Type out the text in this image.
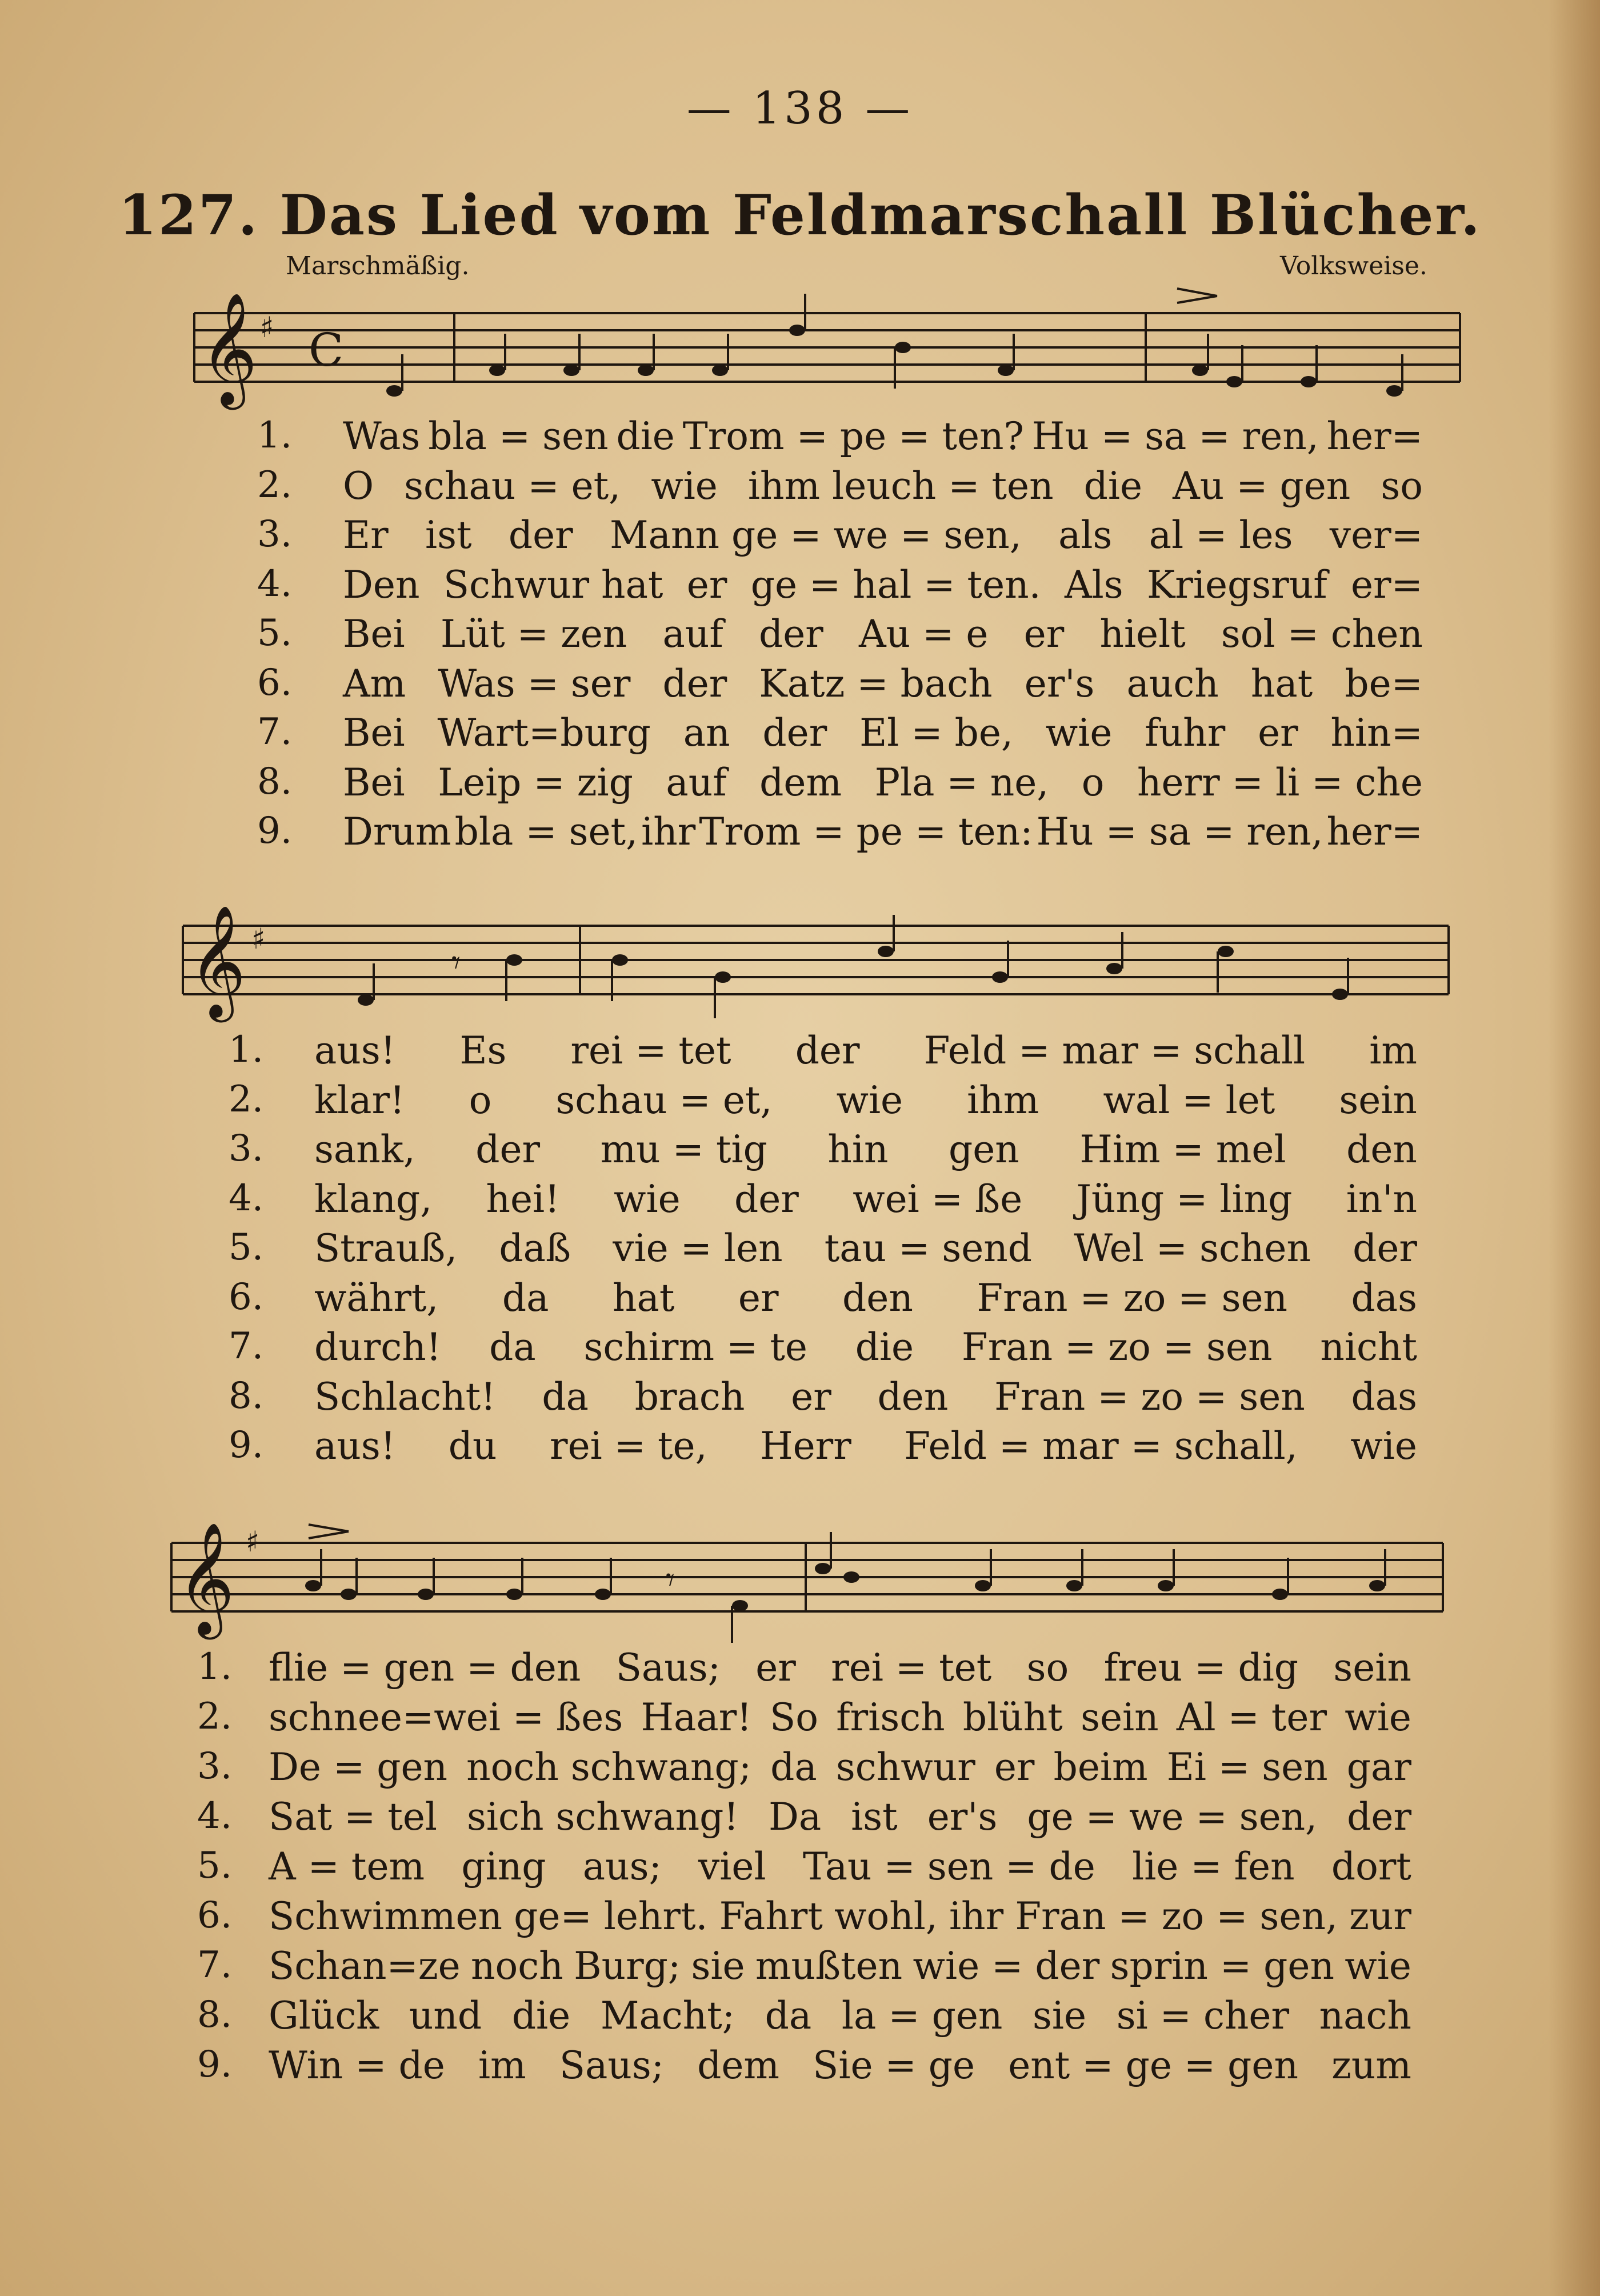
— 138 —
127. Das Lied vom Feldmarschall Blücher.
Marschmäßig.	Volksweise.
𝄞 ♯ C
𝄞 ♯
𝄾
𝄞 ♯
𝄾
1. Was bla = sen die Trom = pe = ten? Hu = sa = ren, her=
2. O schau = et, wie ihm leuch = ten die Au = gen so
3. Er ist der Mann ge = we = sen, als al = les ver=
4. Den Schwur hat er ge = hal = ten. Als Kriegsruf er=
5. Bei Lüt = zen auf der Au = e er hielt sol = chen
6. Am Was = ser der Katz = bach er's auch hat be=
7. Bei Wart=burg an der El = be, wie fuhr er hin=
8. Bei Leip = zig auf dem Pla = ne, o herr = li = che
9. Drum bla = set, ihr Trom = pe = ten: Hu = sa = ren, her=
1. aus! Es rei = tet der Feld = mar = schall im
2. klar! o schau = et, wie ihm wal = let sein
3. sank, der mu = tig hin gen Him = mel den
4. klang, hei! wie der wei = ße Jüng = ling in'n
5. Strauß, daß vie = len tau = send Wel = schen der
6. währt, da hat er den Fran = zo = sen das
7. durch! da schirm = te die Fran = zo = sen nicht
8. Schlacht! da brach er den Fran = zo = sen das
9. aus! du rei = te, Herr Feld = mar = schall, wie
1. flie = gen = den Saus; er rei = tet so freu = dig sein
2. schnee=wei = ßes Haar! So frisch blüht sein Al = ter wie
3. De = gen noch schwang; da schwur er beim Ei = sen gar
4. Sat = tel sich schwang! Da ist er's ge = we = sen, der
5. A = tem ging aus; viel Tau = sen = de lie = fen dort
6. Schwimmen ge= lehrt. Fahrt wohl, ihr Fran = zo = sen, zur
7. Schan=ze noch Burg; sie mußten wie = der sprin = gen wie
8. Glück und die Macht; da la = gen sie si = cher nach
9. Win = de im Saus; dem Sie = ge ent = ge = gen zum
